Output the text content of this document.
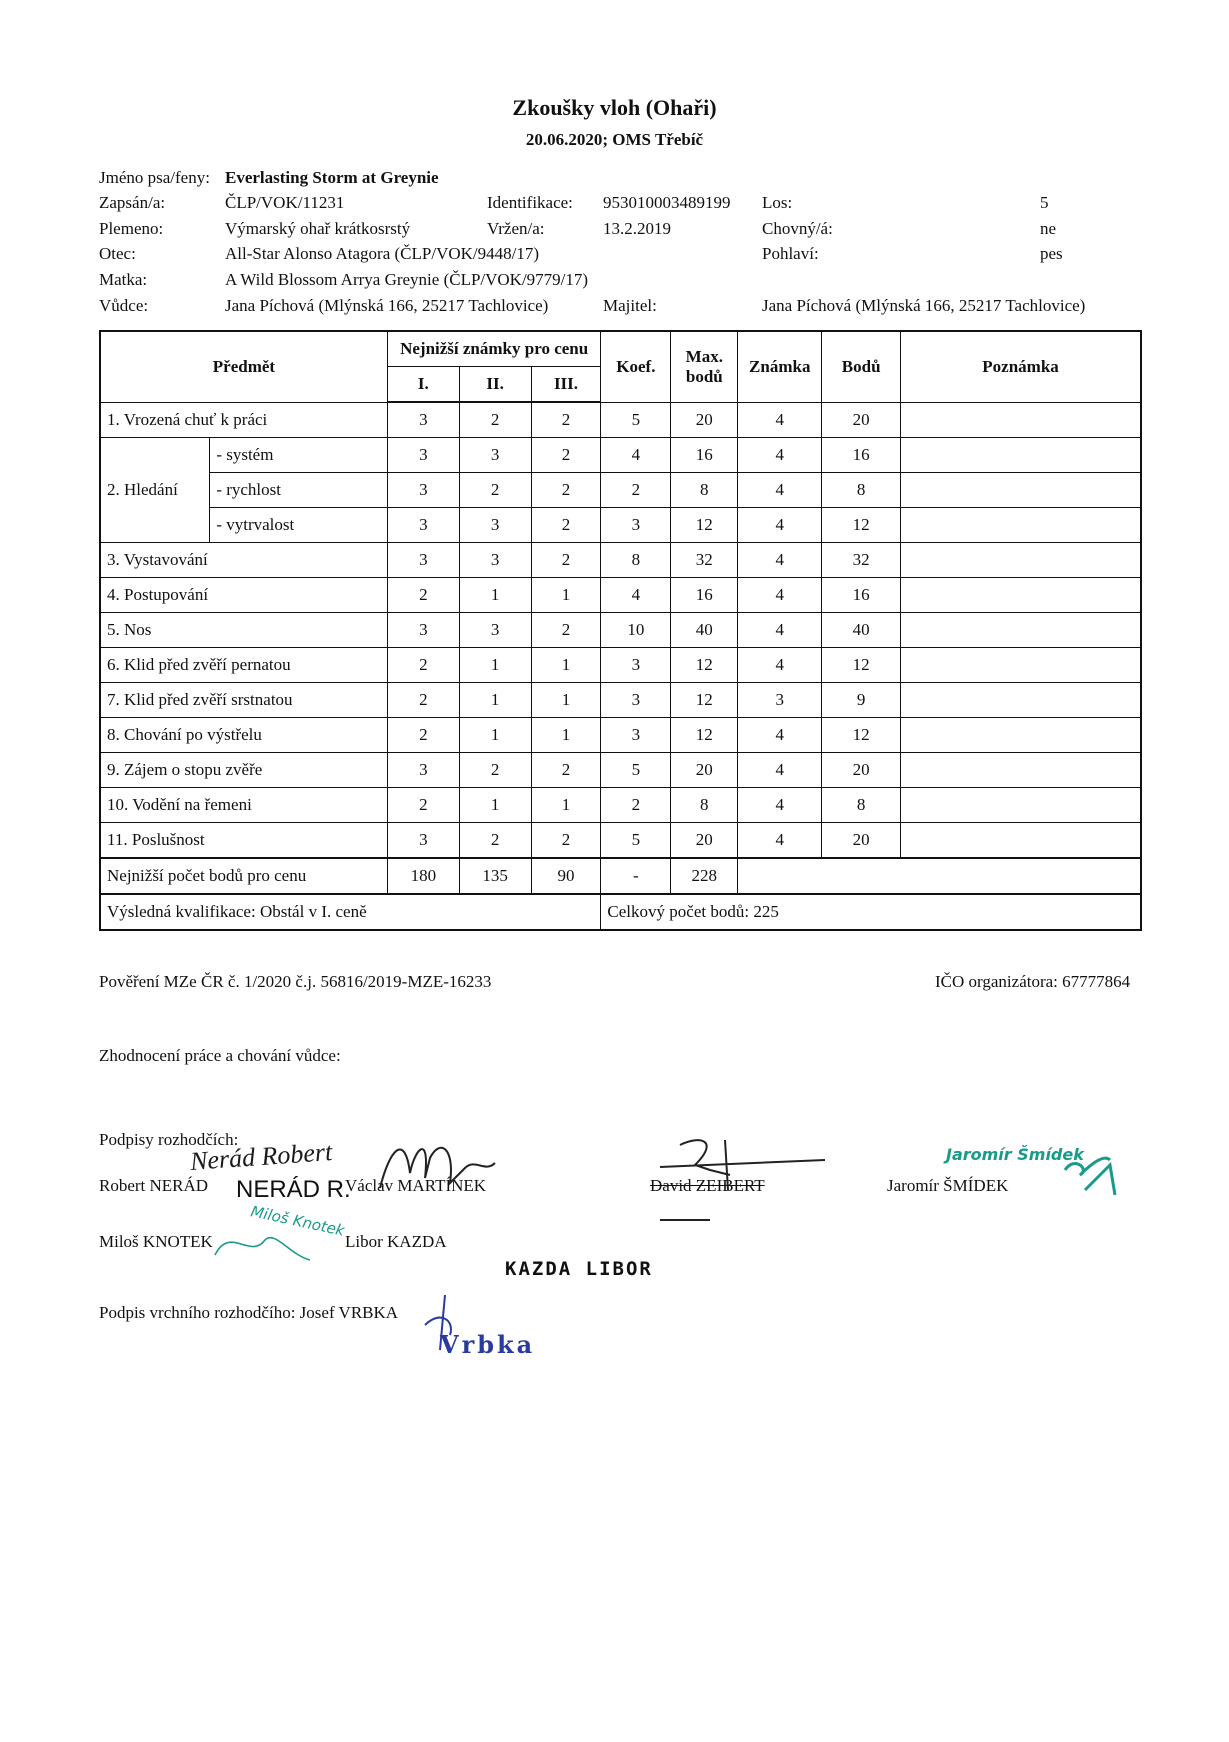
Zkoušky vloh (Ohaři)
20.06.2020; OMS Třebíč
Jméno psa/feny: Everlasting Storm at Greynie
Zapsán/a:	ČLP/VOK/11231	Identifikace: 953010003489199 Los:	5
Plemeno:	Výmarský ohař krátkosrstý	Vržen/a:	13.2.2019	Chovný/á:	ne
Otec:	All-Star Alonso Atagora (ČLP/VOK/9448/17)	Pohlaví:	pes
Matka:	A Wild Blossom Arrya Greynie (ČLP/VOK/9779/17)
Vůdce:	Jana Píchová (Mlýnská 166, 25217 Tachlovice)	Majitel:	Jana Píchová (Mlýnská 166, 25217 Tachlovice)
Předmět		Nejnižší známky pro cenu			Koef.	Max. bodů	Známka	Bodů	Poznámka
		I.	II.	III.					
1. Vrozená chuť k práci		3	2	2	5	20	4	20	
2. Hledání	- systém	3	3	2	4	16	4	16	
	- rychlost	3	2	2	2	8	4	8	
	- vytrvalost	3	3	2	3	12	4	12	
3. Vystavování		3	3	2	8	32	4	32	
4. Postupování		2	1	1	4	16	4	16	
5. Nos		3	3	2	10	40	4	40	
6. Klid před zvěří pernatou		2	1	1	3	12	4	12	
7. Klid před zvěří srstnatou		2	1	1	3	12	3	9	
8. Chování po výstřelu		2	1	1	3	12	4	12	
9. Zájem o stopu zvěře		3	2	2	5	20	4	20	
10. Vodění na řemeni		2	1	1	2	8	4	8	
11. Poslušnost		3	2	2	5	20	4	20	
Nejnižší počet bodů pro cenu		180	135	90	-	228			
Výsledná kvalifikace: Obstál v I. ceně					Celkový počet bodů: 225				
Pověření MZe ČR č. 1/2020 č.j. 56816/2019-MZE-16233	IČO organizátora: 67777864
Zhodnocení práce a chování vůdce:
Podpisy rozhodčích:
Nerád Robert
Robert NERÁD NERÁD R.
Václav MARTÍNEK	David ZEIBERT	Jaromír ŠMÍDEK
Jaromír Šmídek
Miloš KNOTEK
Miloš Knotek
Libor KAZDA
KAZDA LIBOR
Podpis vrchního rozhodčího: Josef VRBKA
Vrbka
